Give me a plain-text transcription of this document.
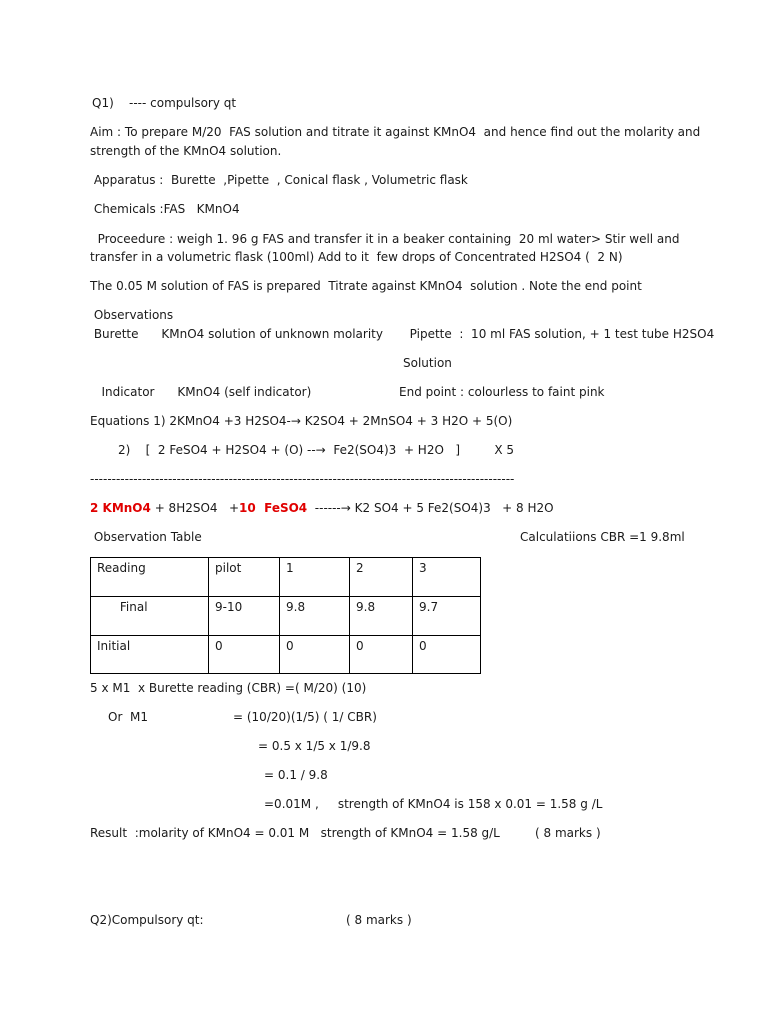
Q1)    ---- compulsory qt
Aim : To prepare M/20  FAS solution and titrate it against KMnO4  and hence find out the molarity and
strength of the KMnO4 solution.
Apparatus :  Burette  ,Pipette  , Conical flask , Volumetric flask
Chemicals :FAS   KMnO4
Proceedure : weigh 1. 96 g FAS and transfer it in a beaker containing  20 ml water> Stir well and
transfer in a volumetric flask (100ml) Add to it  few drops of Concentrated H2SO4 (  2 N)
The 0.05 M solution of FAS is prepared  Titrate against KMnO4  solution . Note the end point
Observations
Burette      KMnO4 solution of unknown molarity       Pipette  :  10 ml FAS solution, + 1 test tube H2SO4
Solution
Indicator      KMnO4 (self indicator)                       End point : colourless to faint pink
Equations 1) 2KMnO4 +3 H2SO4-→ K2SO4 + 2MnSO4 + 3 H2O + 5(O)
2)    [  2 FeSO4 + H2SO4 + (O) --→  Fe2(SO4)3  + H2O   ]         X 5
--------------------------------------------------------------------------------------------------
2 KMnO4 + 8H2SO4   +10  FeSO4  ------→ K2 SO4 + 5 Fe2(SO4)3   + 8 H2O
Observation Table	Calculatiions CBR =1 9.8ml
Reading	pilot	1	2	3
Final	9-10	9.8	9.8	9.7
Initial	0	0	0	0
5 x M1  x Burette reading (CBR) =( M/20) (10)
Or  M1	= (10/20)(1/5) ( 1/ CBR)
= 0.5 x 1/5 x 1/9.8
= 0.1 / 9.8
=0.01M ,     strength of KMnO4 is 158 x 0.01 = 1.58 g /L
Result  :molarity of KMnO4 = 0.01 M   strength of KMnO4 = 1.58 g/L	( 8 marks )
Q2)Compulsory qt:	( 8 marks )
